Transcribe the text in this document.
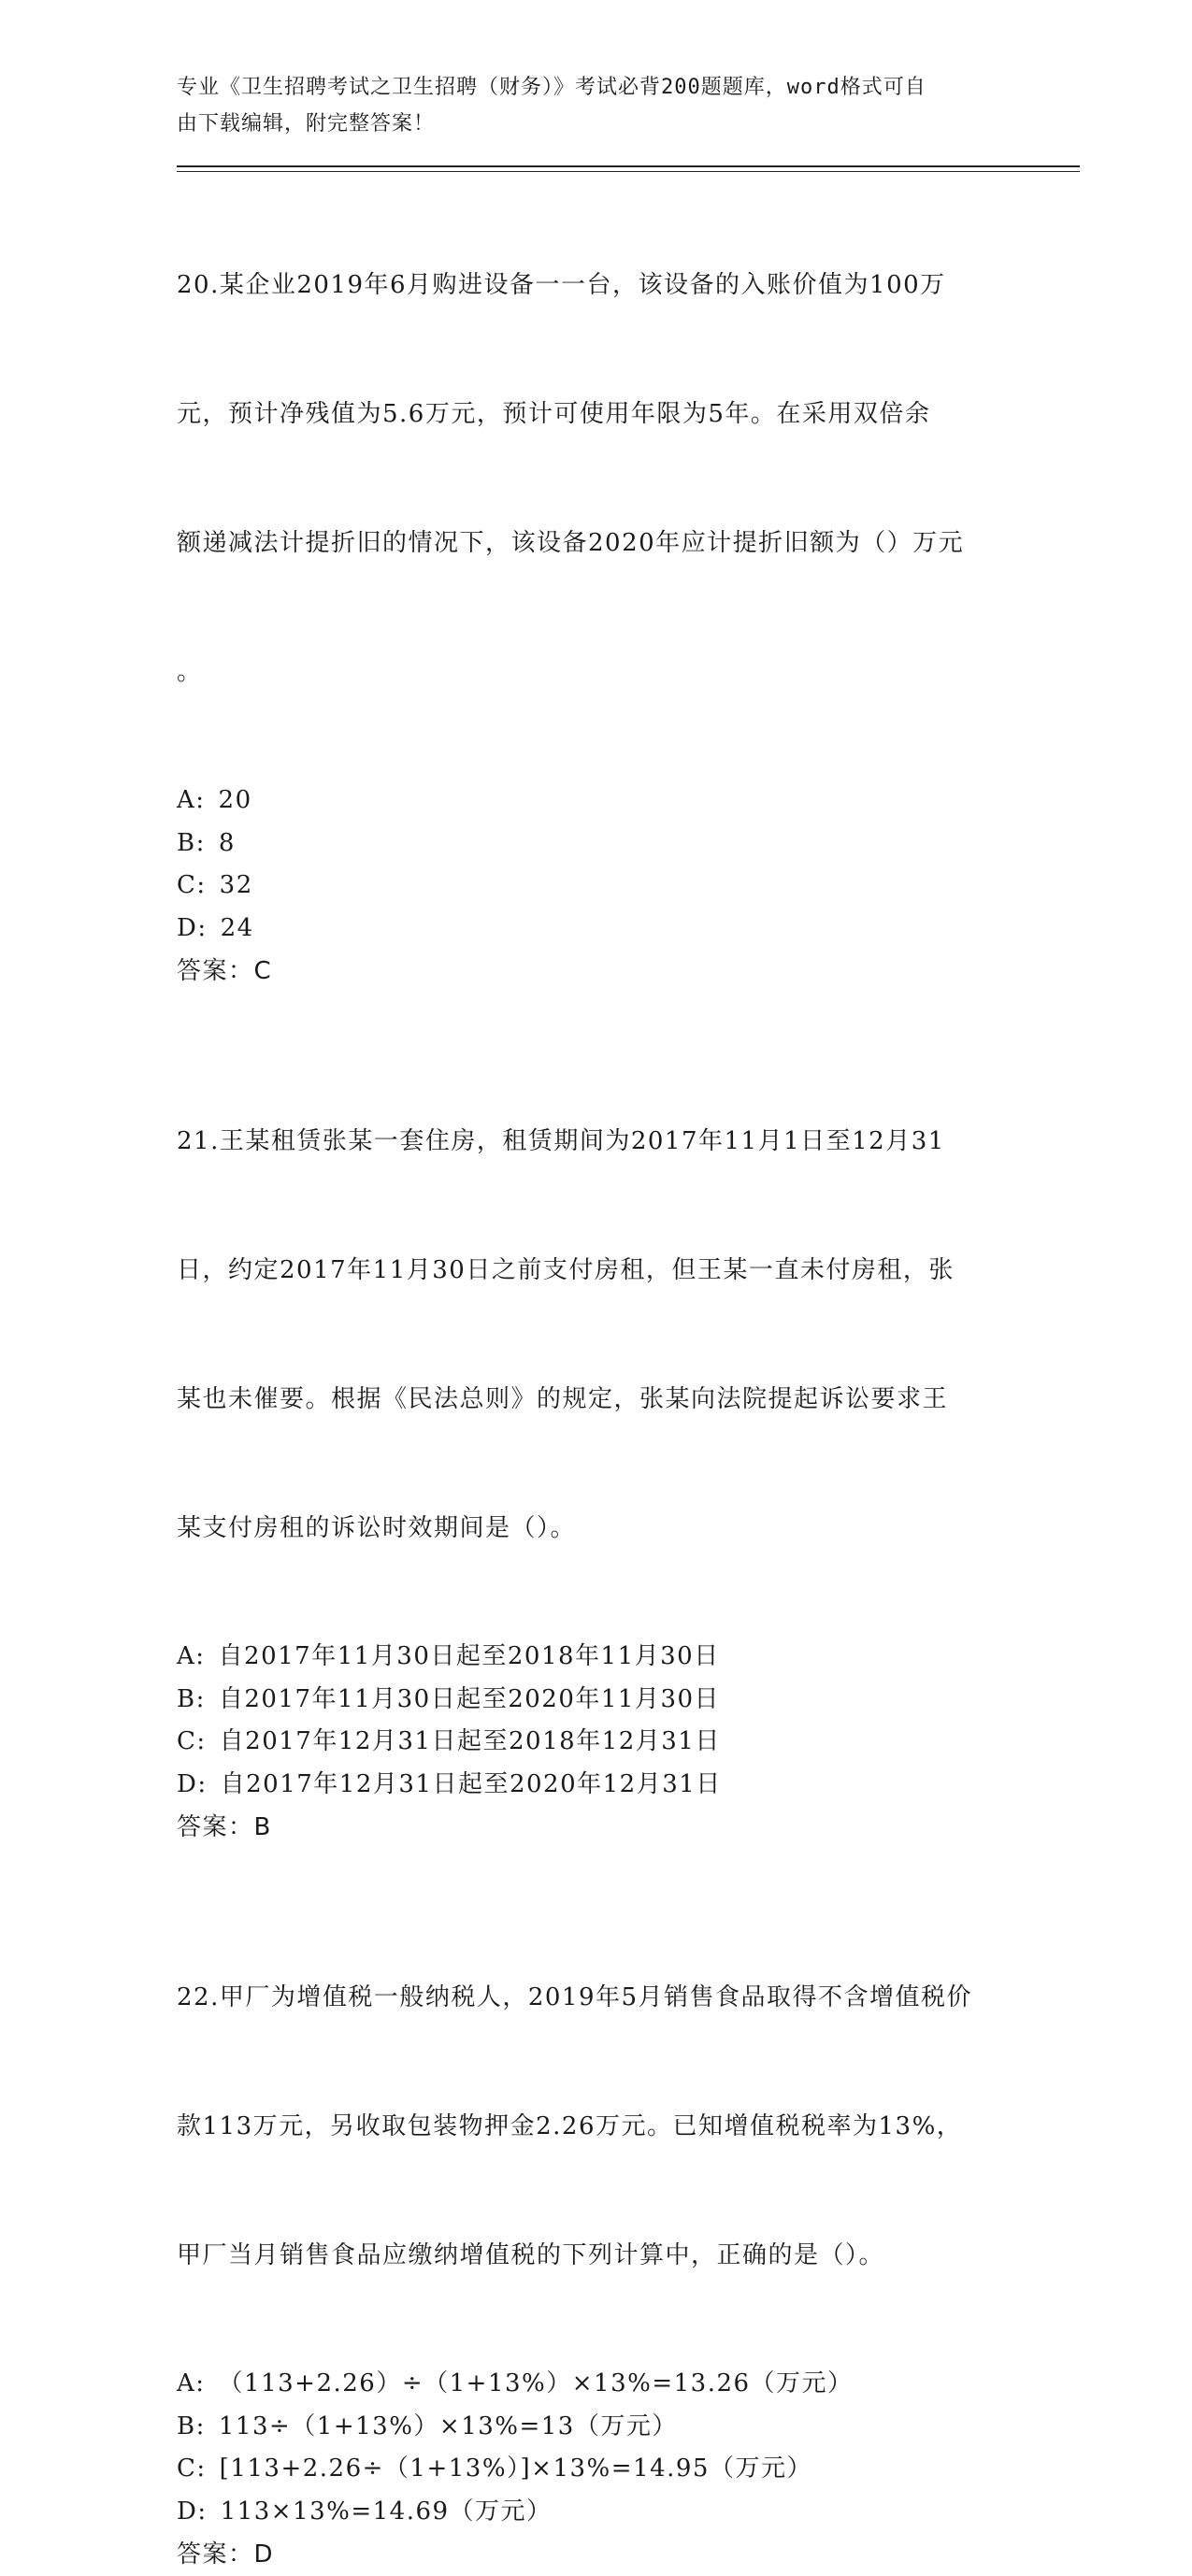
专业《卫生招聘考试之卫生招聘（财务）》考试必背200题题库，word格式可自
由下载编辑，附完整答案！

20.某企业2019年6月购进设备一一台，该设备的入账价值为100万

元，预计净残值为5.6万元，预计可使用年限为5年。在采用双倍余

额递减法计提折旧的情况下，该设备2020年应计提折旧额为（）万元

。

A : 20
B : 8
C : 32
D : 24
答案：C

21.王某租赁张某一套住房，租赁期间为2017年11月1日至12月31

日，约定2017年11月30日之前支付房租，但王某一直未付房租，张

某也未催要。根据《民法总则》的规定，张某向法院提起诉讼要求王

某支付房租的诉讼时效期间是（）。

A : 自2017年11月30日起至2018年11月30日
B : 自2017年11月30日起至2020年11月30日
C : 自2017年12月31日起至2018年12月31日
D : 自2017年12月31日起至2020年12月31日
答案：B

22.甲厂为增值税一般纳税人，2019年5月销售食品取得不含增值税价

款113万元，另收取包装物押金2.26万元。已知增值税税率为13%，

甲厂当月销售食品应缴纳增值税的下列计算中，正确的是（）。

A : （113+2.26）÷（1+13%）×13%=13.26（万元）
B : 113÷（1+13%）×13%=13（万元）
C : [113+2.26÷（1+13%）]×13%=14.95（万元）
D : 113×13%=14.69（万元）
答案：D
